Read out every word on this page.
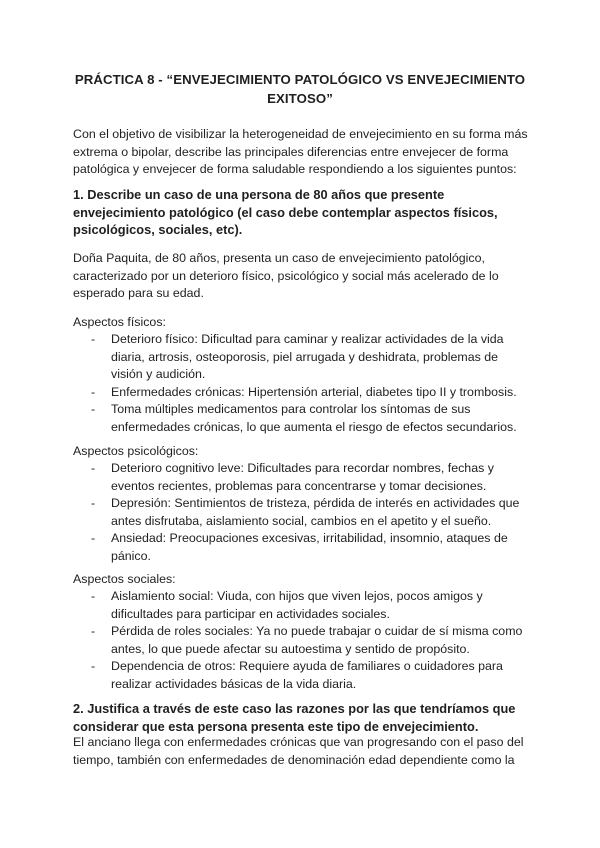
PRÁCTICA 8 - “ENVEJECIMIENTO PATOLÓGICO VS ENVEJECIMIENTO
EXITOSO”
Con el objetivo de visibilizar la heterogeneidad de envejecimiento en su forma más extrema o bipolar, describe las principales diferencias entre envejecer de forma patológica y envejecer de forma saludable respondiendo a los siguientes puntos:
1. Describe un caso de una persona de 80 años que presente envejecimiento patológico (el caso debe contemplar aspectos físicos, psicológicos, sociales, etc).
Doña Paquita, de 80 años, presenta un caso de envejecimiento patológico, caracterizado por un deterioro físico, psicológico y social más acelerado de lo esperado para su edad.
Aspectos físicos:
- Deterioro físico: Dificultad para caminar y realizar actividades de la vida diaria, artrosis, osteoporosis, piel arrugada y deshidrata, problemas de visión y audición.
- Enfermedades crónicas: Hipertensión arterial, diabetes tipo II y trombosis.
- Toma múltiples medicamentos para controlar los síntomas de sus enfermedades crónicas, lo que aumenta el riesgo de efectos secundarios.
Aspectos psicológicos:
- Deterioro cognitivo leve: Dificultades para recordar nombres, fechas y eventos recientes, problemas para concentrarse y tomar decisiones.
- Depresión: Sentimientos de tristeza, pérdida de interés en actividades que antes disfrutaba, aislamiento social, cambios en el apetito y el sueño.
- Ansiedad: Preocupaciones excesivas, irritabilidad, insomnio, ataques de pánico.
Aspectos sociales:
- Aislamiento social: Viuda, con hijos que viven lejos, pocos amigos y dificultades para participar en actividades sociales.
- Pérdida de roles sociales: Ya no puede trabajar o cuidar de sí misma como antes, lo que puede afectar su autoestima y sentido de propósito.
- Dependencia de otros: Requiere ayuda de familiares o cuidadores para realizar actividades básicas de la vida diaria.
2. Justifica a través de este caso las razones por las que tendríamos que considerar que esta persona presenta este tipo de envejecimiento.
El anciano llega con enfermedades crónicas que van progresando con el paso del tiempo, también con enfermedades de denominación edad dependiente como la
